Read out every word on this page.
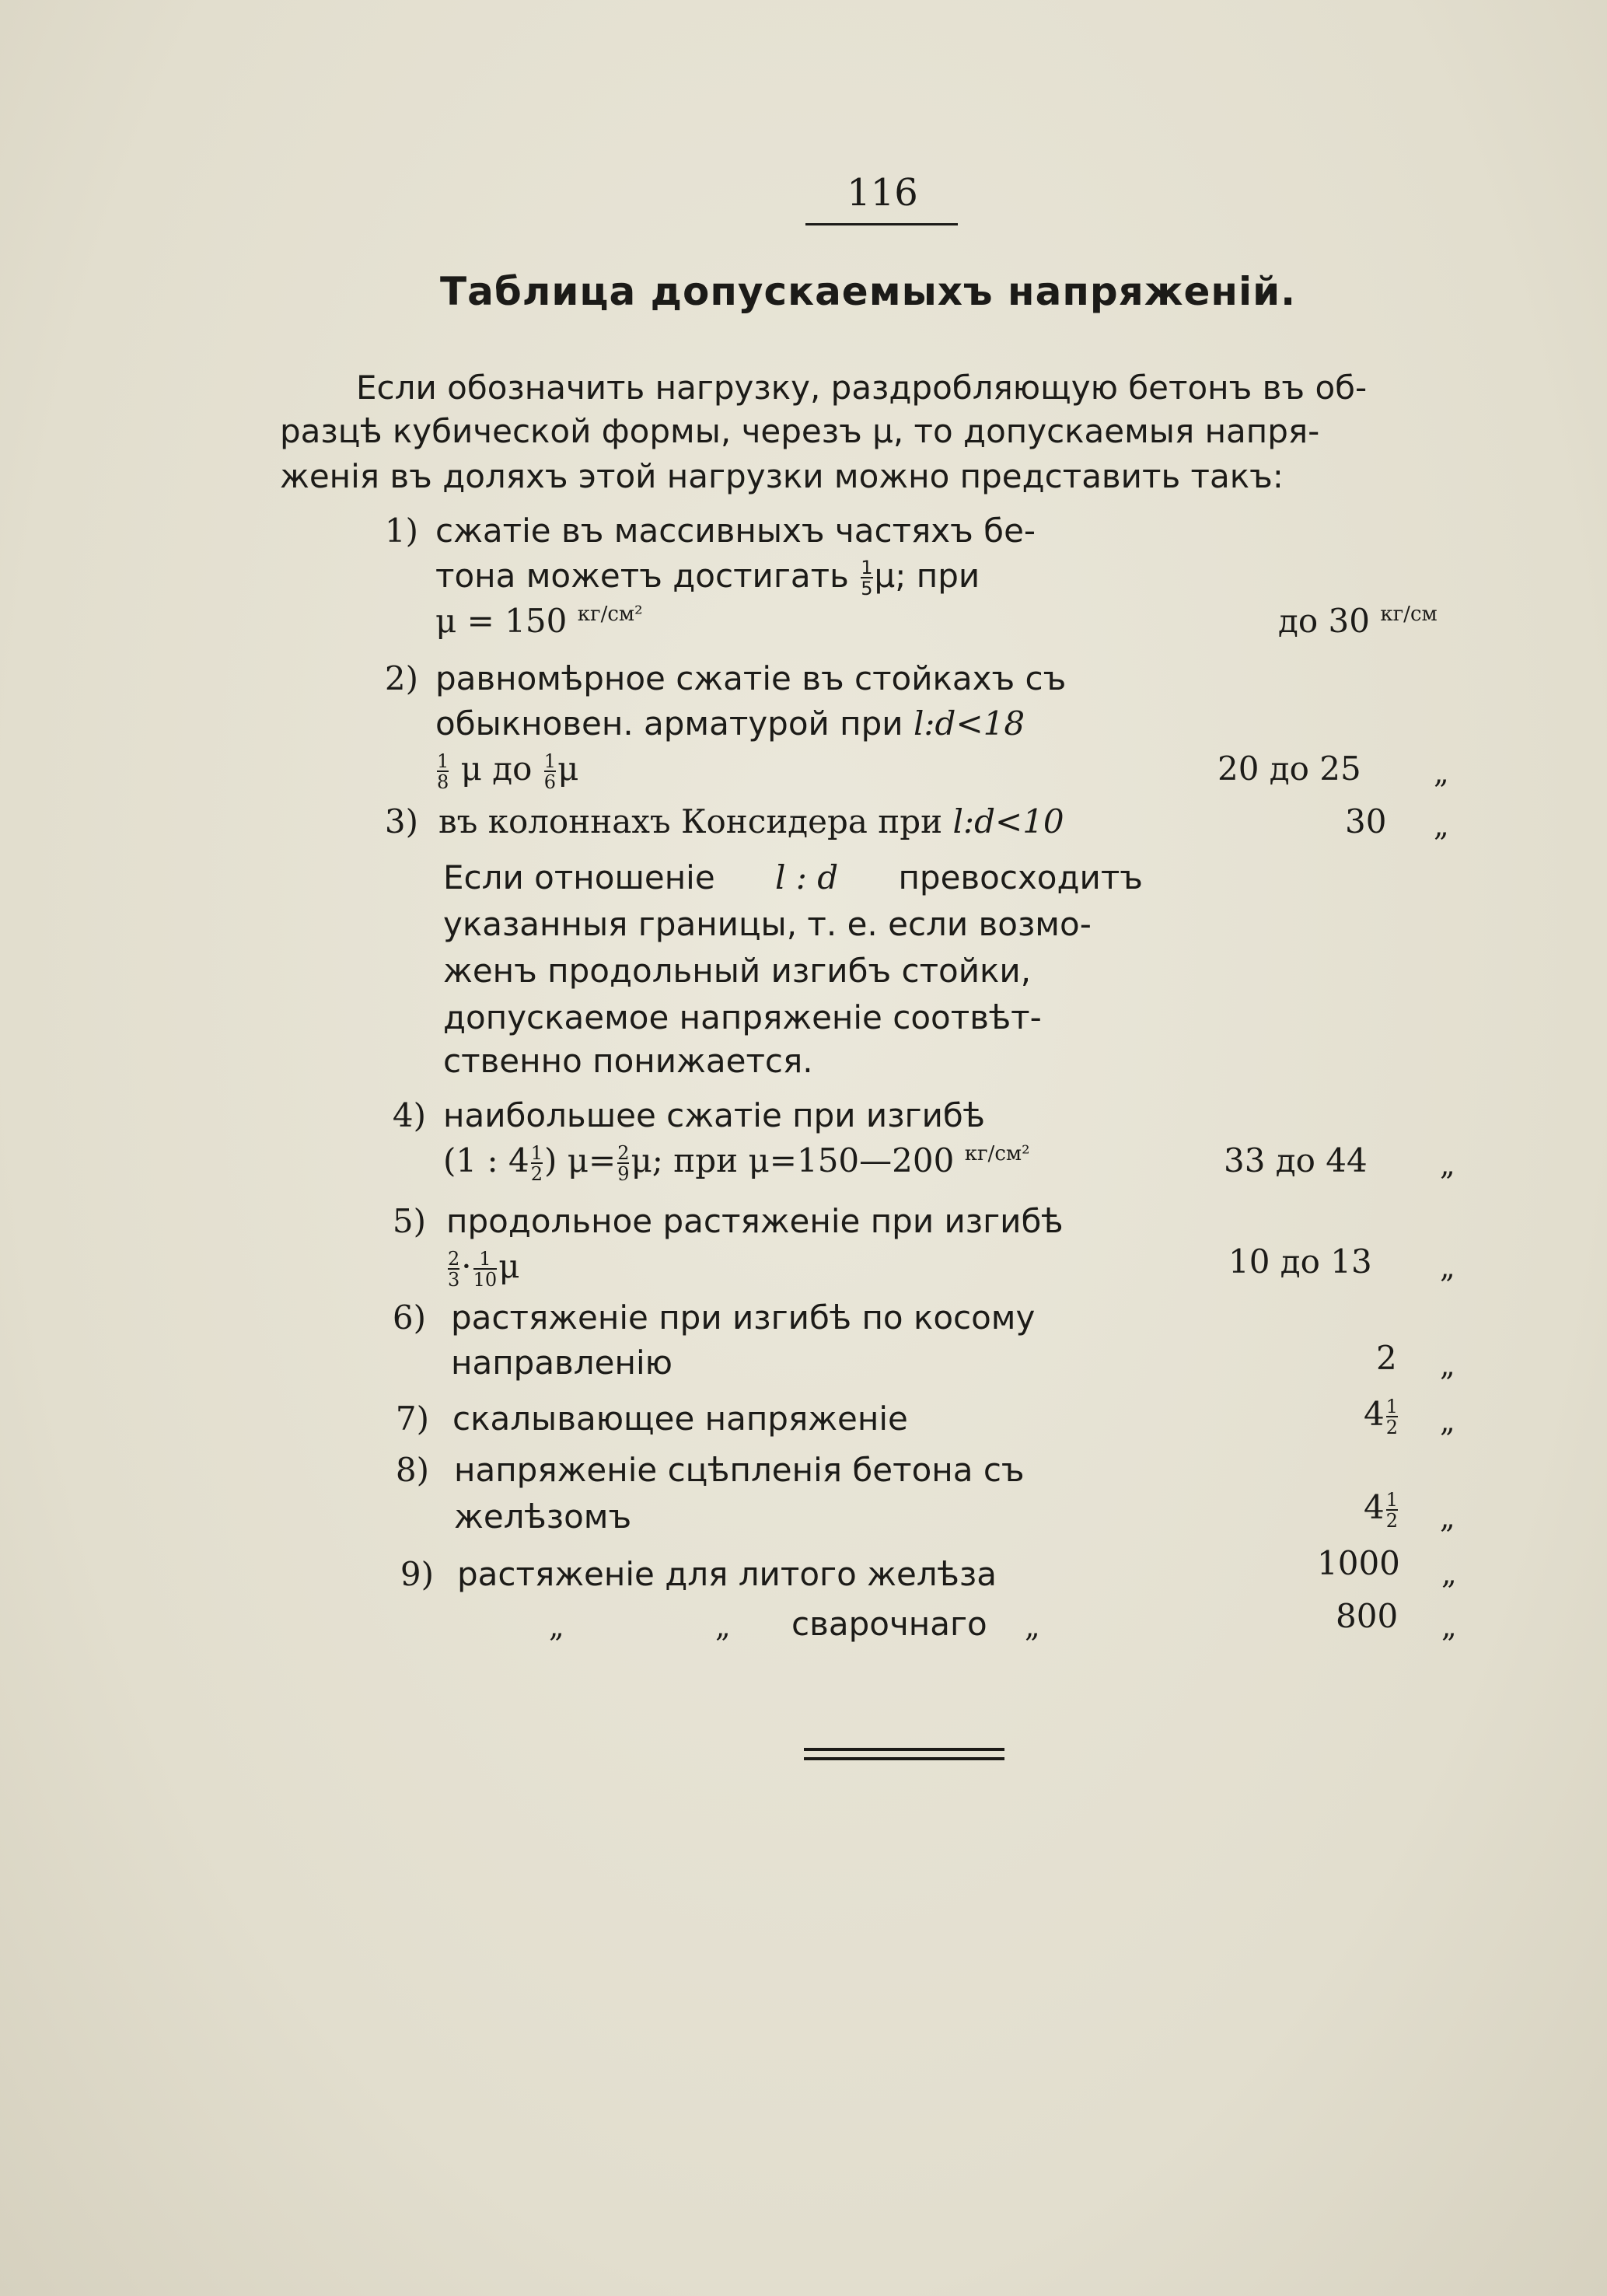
116
Таблица допускаемыхъ напряженій.
Если обозначить нагрузку, раздробляющую бетонъ въ об-
разцѣ кубической формы, черезъ μ, то допускаемыя напря-
женія въ доляхъ этой нагрузки можно представить такъ:
1) сжатіе въ массивныхъ частяхъ бе-
тона можетъ достигать $\frac{1}{5} \mu$; при
μ = 150 $^{кг/см^2}$	до 30 $^{кг/см}$
2) равномѣрное сжатіе въ стойкахъ съ
обыкновен. арматурой при l:d<18
$\frac{1}{8}$ μ до $\frac{1}{6}$ μ	20 до 25 „
3) въ колоннахъ Консидера при l:d<10	30 „
Если отношеніе l : d превосходитъ
указанныя границы, т. е. если возмо-
женъ продольный изгибъ стойки,
допускаемое напряженіе соотвѣт-
ственно понижается.
4) наибольшее сжатіе при изгибѣ
(1 : $4 \frac{1}{2}$ ) $\mu= \frac{2}{9} \mu$; при μ=150—200 $^{кг/см^2}$	33 до 44 „
5) продольное растяженіе при изгибѣ
$\frac{2}{3} \cdot \frac{1}{10}$ μ	10 до 13 „
6) растяженіе при изгибѣ по косому
направленію	2 „
7) скалывающее напряженіе	$4 \frac{1}{2}$ „
8) напряженіе сцѣпленія бетона съ
желѣзомъ	$4 \frac{1}{2}$ „
9) растяженіе для литого желѣза	1000 „
„	„ сварочнаго „	800 „
